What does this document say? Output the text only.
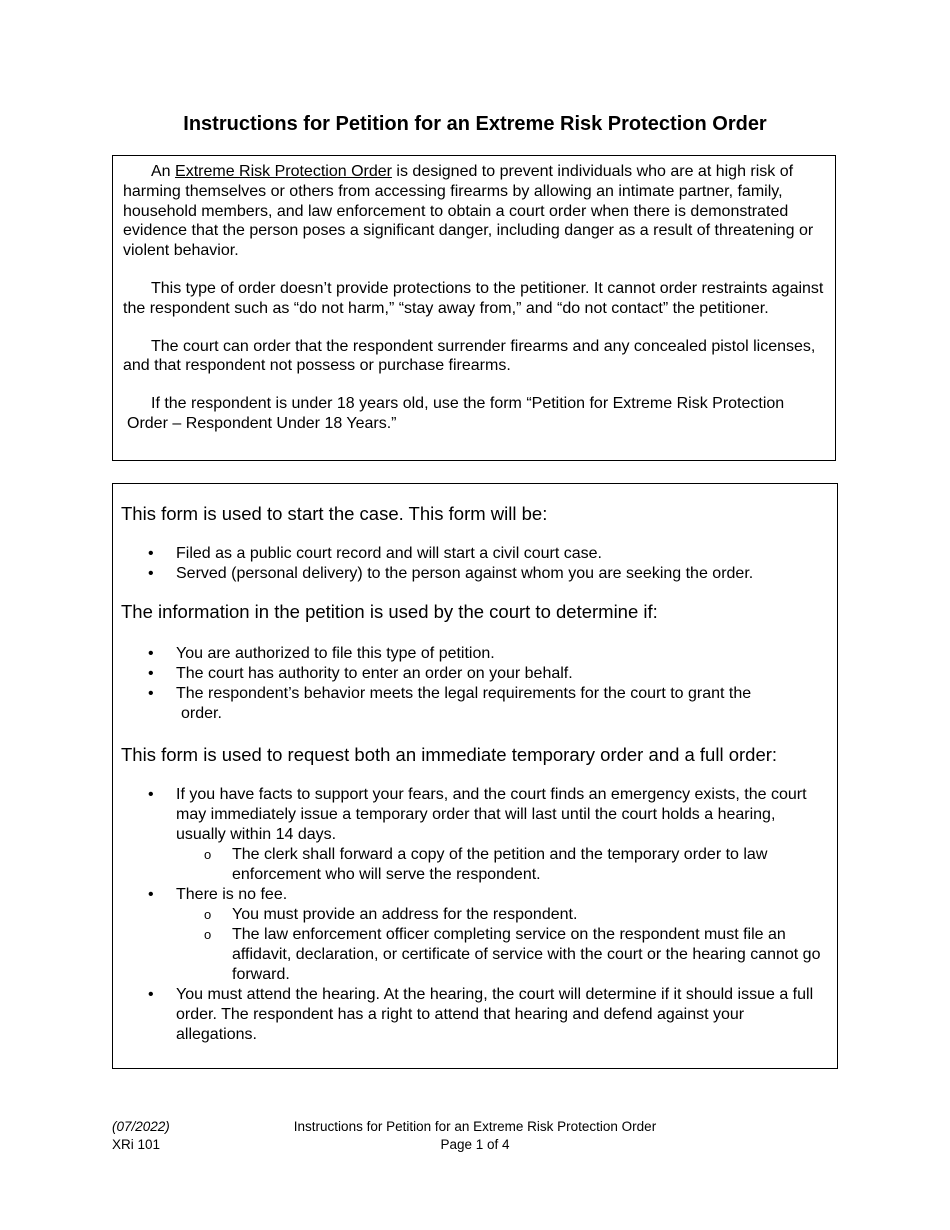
Instructions for Petition for an Extreme Risk Protection Order

An Extreme Risk Protection Order is designed to prevent individuals who are at high risk of harming themselves or others from accessing firearms by allowing an intimate partner, family, household members, and law enforcement to obtain a court order when there is demonstrated evidence that the person poses a significant danger, including danger as a result of threatening or violent behavior.

This type of order doesn’t provide protections to the petitioner. It cannot order restraints against the respondent such as “do not harm,” “stay away from,” and “do not contact” the petitioner.

The court can order that the respondent surrender firearms and any concealed pistol licenses, and that respondent not possess or purchase firearms.

If the respondent is under 18 years old, use the form “Petition for Extreme Risk Protection
Order – Respondent Under 18 Years.”

This form is used to start the case. This form will be:

• Filed as a public court record and will start a civil court case.
• Served (personal delivery) to the person against whom you are seeking the order.

The information in the petition is used by the court to determine if:

• You are authorized to file this type of petition.
• The court has authority to enter an order on your behalf.
• The respondent’s behavior meets the legal requirements for the court to grant the
order.

This form is used to request both an immediate temporary order and a full order:

• If you have facts to support your fears, and the court finds an emergency exists, the court may immediately issue a temporary order that will last until the court holds a hearing, usually within 14 days.
o The clerk shall forward a copy of the petition and the temporary order to law enforcement who will serve the respondent.
• There is no fee.
o You must provide an address for the respondent.
o The law enforcement officer completing service on the respondent must file an affidavit, declaration, or certificate of service with the court or the hearing cannot go forward.
• You must attend the hearing. At the hearing, the court will determine if it should issue a full order. The respondent has a right to attend that hearing and defend against your allegations.
(07/2022)
XRi 101
Instructions for Petition for an Extreme Risk Protection Order
Page 1 of 4
